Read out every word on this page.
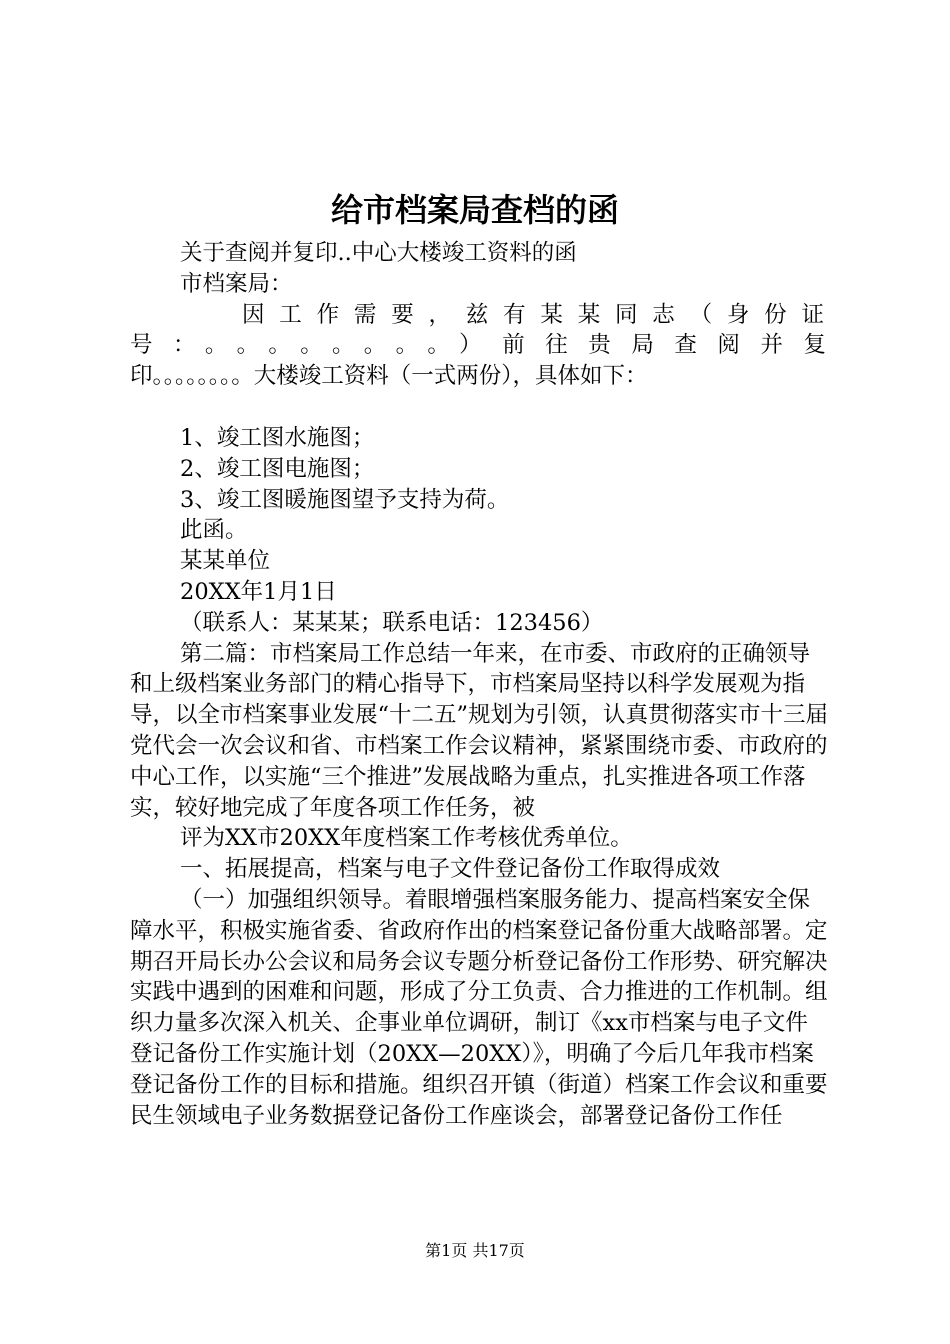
给市档案局查档的函

关于查阅并复印..中心大楼竣工资料的函

市档案局：

因工作需要，兹有某某同志（身份证

号：。。。。。。。。）前往贵局查阅并复

印。。。。。。。。大楼竣工资料（一式两份），具体如下：

1、竣工图水施图；

2、竣工图电施图；

3、竣工图暖施图望予支持为荷。

此函。

某某单位

20XX年1月1日

（联系人：某某某；联系电话：123456）

第二篇：市档案局工作总结一年来，在市委、市政府的正确领导和上级档案业务部门的精心指导下，市档案局坚持以科学发展观为指导，以全市档案事业发展“十二五”规划为引领，认真贯彻落实市十三届党代会一次会议和省、市档案工作会议精神，紧紧围绕市委、市政府的中心工作，以实施“三个推进”发展战略为重点，扎实推进各项工作落实，较好地完成了年度各项工作任务，被

评为XX市20XX年度档案工作考核优秀单位。

一、拓展提高，档案与电子文件登记备份工作取得成效

（一）加强组织领导。着眼增强档案服务能力、提高档案安全保障水平，积极实施省委、省政府作出的档案登记备份重大战略部署。定期召开局长办公会议和局务会议专题分析登记备份工作形势、研究解决实践中遇到的困难和问题，形成了分工负责、合力推进的工作机制。组织力量多次深入机关、企事业单位调研，制订《xx市档案与电子文件登记备份工作实施计划（20XX—20XX）》，明确了今后几年我市档案登记备份工作的目标和措施。组织召开镇（街道）档案工作会议和重要民生领域电子业务数据登记备份工作座谈会，部署登记备份工作任

第1页 共17页
